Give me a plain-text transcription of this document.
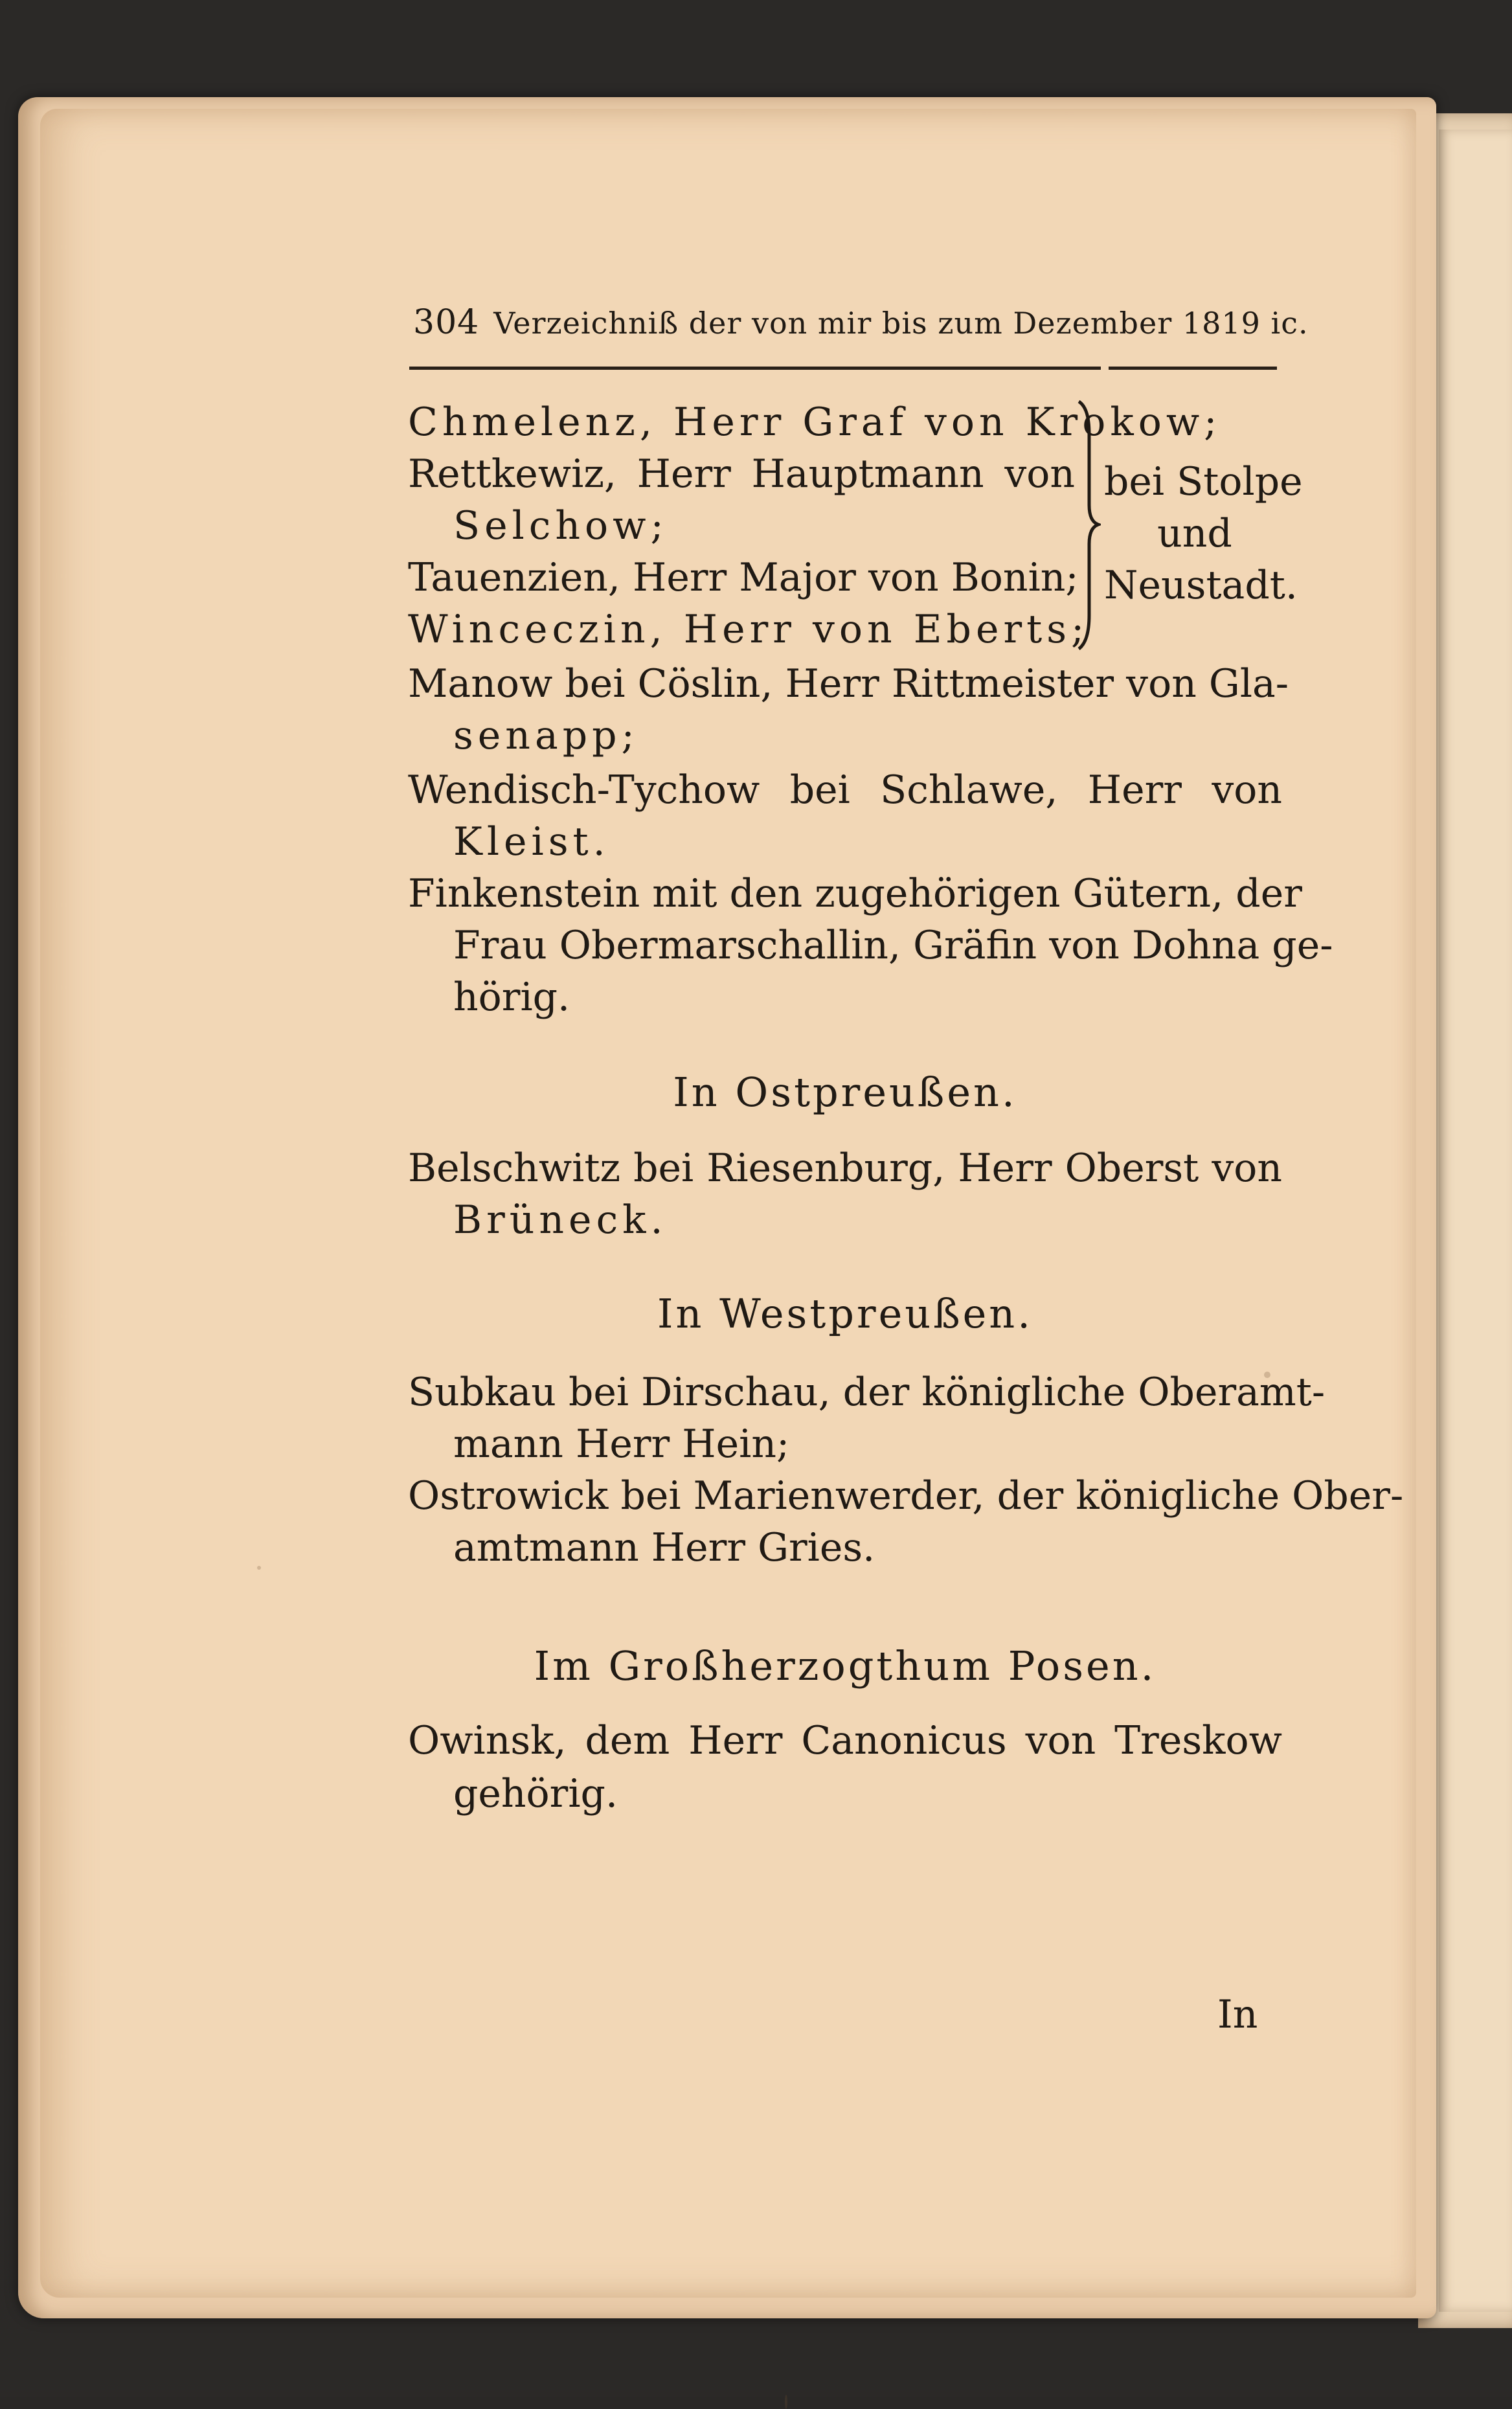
304 Verzeichniß der von mir bis zum Dezember 1819 ic.
Chmelenz, Herr Graf von Krokow;
Rettkewiz, Herr Hauptmann von
Selchow;
Tauenzien, Herr Major von Bonin;
Winceczin, Herr von Eberts;
bei Stolpe
und
Neustadt.
Manow bei Cöslin, Herr Rittmeister von Gla-
senapp;
Wendisch-Tychow bei Schlawe, Herr von
Kleist.
Finkenstein mit den zugehörigen Gütern, der
Frau Obermarschallin, Gräfin von Dohna ge-
hörig.
In Ostpreußen.
Belschwitz bei Riesenburg, Herr Oberst von
Brüneck.
In Westpreußen.
Subkau bei Dirschau, der königliche Oberamt-
mann Herr Hein;
Ostrowick bei Marienwerder, der königliche Ober-
amtmann Herr Gries.
Im Großherzogthum Posen.
Owinsk, dem Herr Canonicus von Treskow
gehörig.
In
